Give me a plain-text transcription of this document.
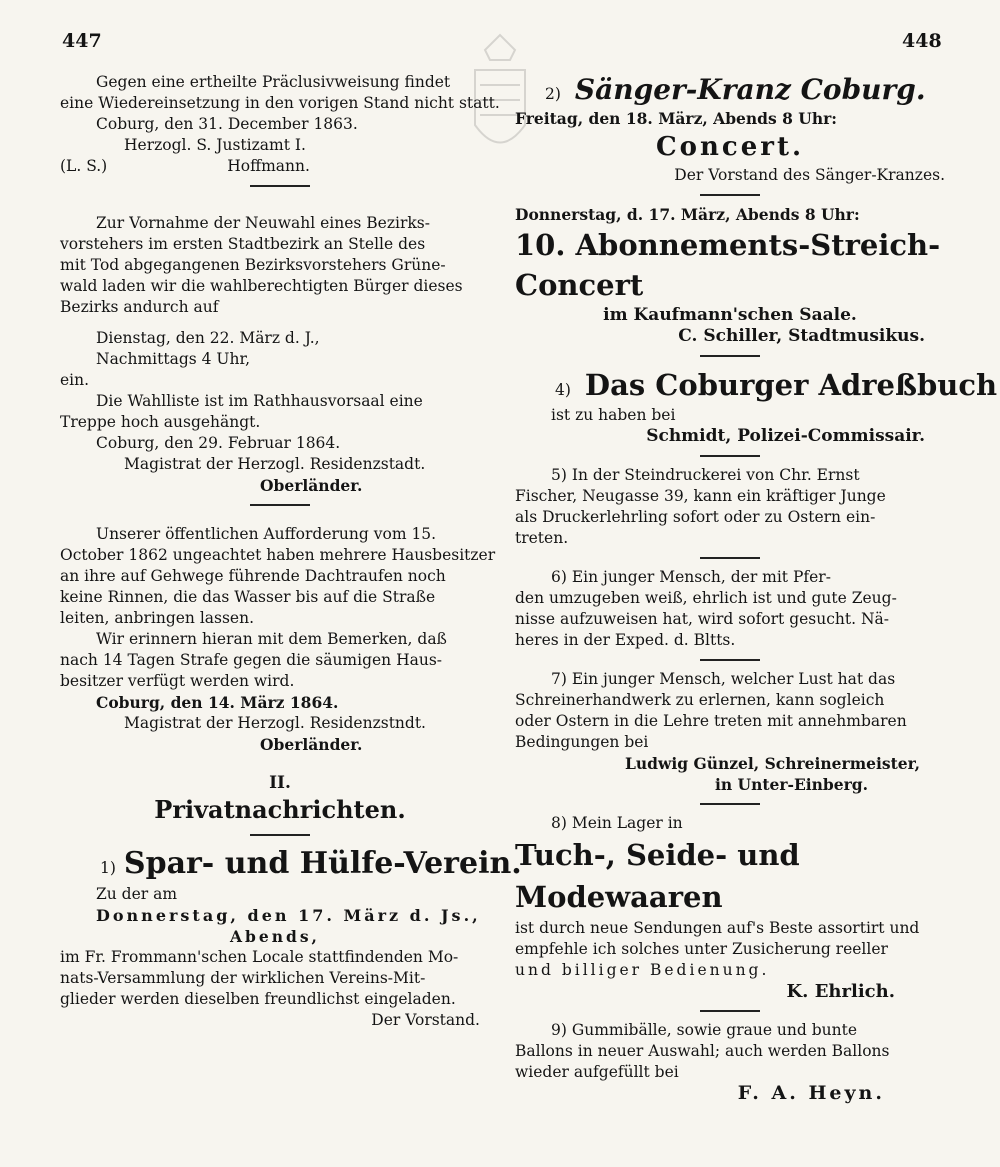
447	448
Gegen eine ertheilte Präclusivweisung findet
eine Wiedereinsetzung in den vorigen Stand nicht statt.
Coburg, den 31. December 1863.
Herzogl. S. Justizamt I.
(L. S.)	Hoffmann.
Zur Vornahme der Neuwahl eines Bezirks-
vorstehers im ersten Stadtbezirk an Stelle des
mit Tod abgegangenen Bezirksvorstehers Grüne-
wald laden wir die wahlberechtigten Bürger dieses
Bezirks andurch auf
Dienstag, den 22. März d. J.,
Nachmittags 4 Uhr,
ein.
Die Wahlliste ist im Rathhausvorsaal eine
Treppe hoch ausgehängt.
Coburg, den 29. Februar 1864.
Magistrat der Herzogl. Residenzstadt.
Oberländer.
Unserer öffentlichen Aufforderung vom 15.
October 1862 ungeachtet haben mehrere Hausbesitzer
an ihre auf Gehwege führende Dachtraufen noch
keine Rinnen, die das Wasser bis auf die Straße
leiten, anbringen lassen.
Wir erinnern hieran mit dem Bemerken, daß
nach 14 Tagen Strafe gegen die säumigen Haus-
besitzer verfügt werden wird.
Coburg, den 14. März 1864.
Magistrat der Herzogl. Residenzstndt.
Oberländer.
II.
Privatnachrichten.
1) Spar- und Hülfe-Verein.
Zu der am
Donnerstag, den 17. März d. Js.,
Abends,
im Fr. Frommann'schen Locale stattfindenden Mo-
nats-Versammlung der wirklichen Vereins-Mit-
glieder werden dieselben freundlichst eingeladen.
Der Vorstand.
2) Sänger-Kranz Coburg.
Freitag, den 18. März, Abends 8 Uhr:
Concert.
Der Vorstand des Sänger-Kranzes.
Donnerstag, d. 17. März, Abends 8 Uhr:
10. Abonnements-Streich-Concert
im Kaufmann'schen Saale.
C. Schiller, Stadtmusikus.
4) Das Coburger Adreßbuch
ist zu haben bei
Schmidt, Polizei-Commissair.
5) In der Steindruckerei von Chr. Ernst
Fischer, Neugasse 39, kann ein kräftiger Junge
als Druckerlehrling sofort oder zu Ostern ein-
treten.
6) Ein junger Mensch, der mit Pfer-
den umzugeben weiß, ehrlich ist und gute Zeug-
nisse aufzuweisen hat, wird sofort gesucht. Nä-
heres in der Exped. d. Bltts.
7) Ein junger Mensch, welcher Lust hat das
Schreinerhandwerk zu erlernen, kann sogleich
oder Ostern in die Lehre treten mit annehmbaren
Bedingungen bei
Ludwig Günzel, Schreinermeister,
in Unter-Einberg.
8) Mein Lager in
Tuch-, Seide- und Modewaaren
ist durch neue Sendungen auf's Beste assortirt und
empfehle ich solches unter Zusicherung reeller
und billiger Bedienung.
K. Ehrlich.
9) Gummibälle, sowie graue und bunte
Ballons in neuer Auswahl; auch werden Ballons
wieder aufgefüllt bei
F. A. Heyn.
